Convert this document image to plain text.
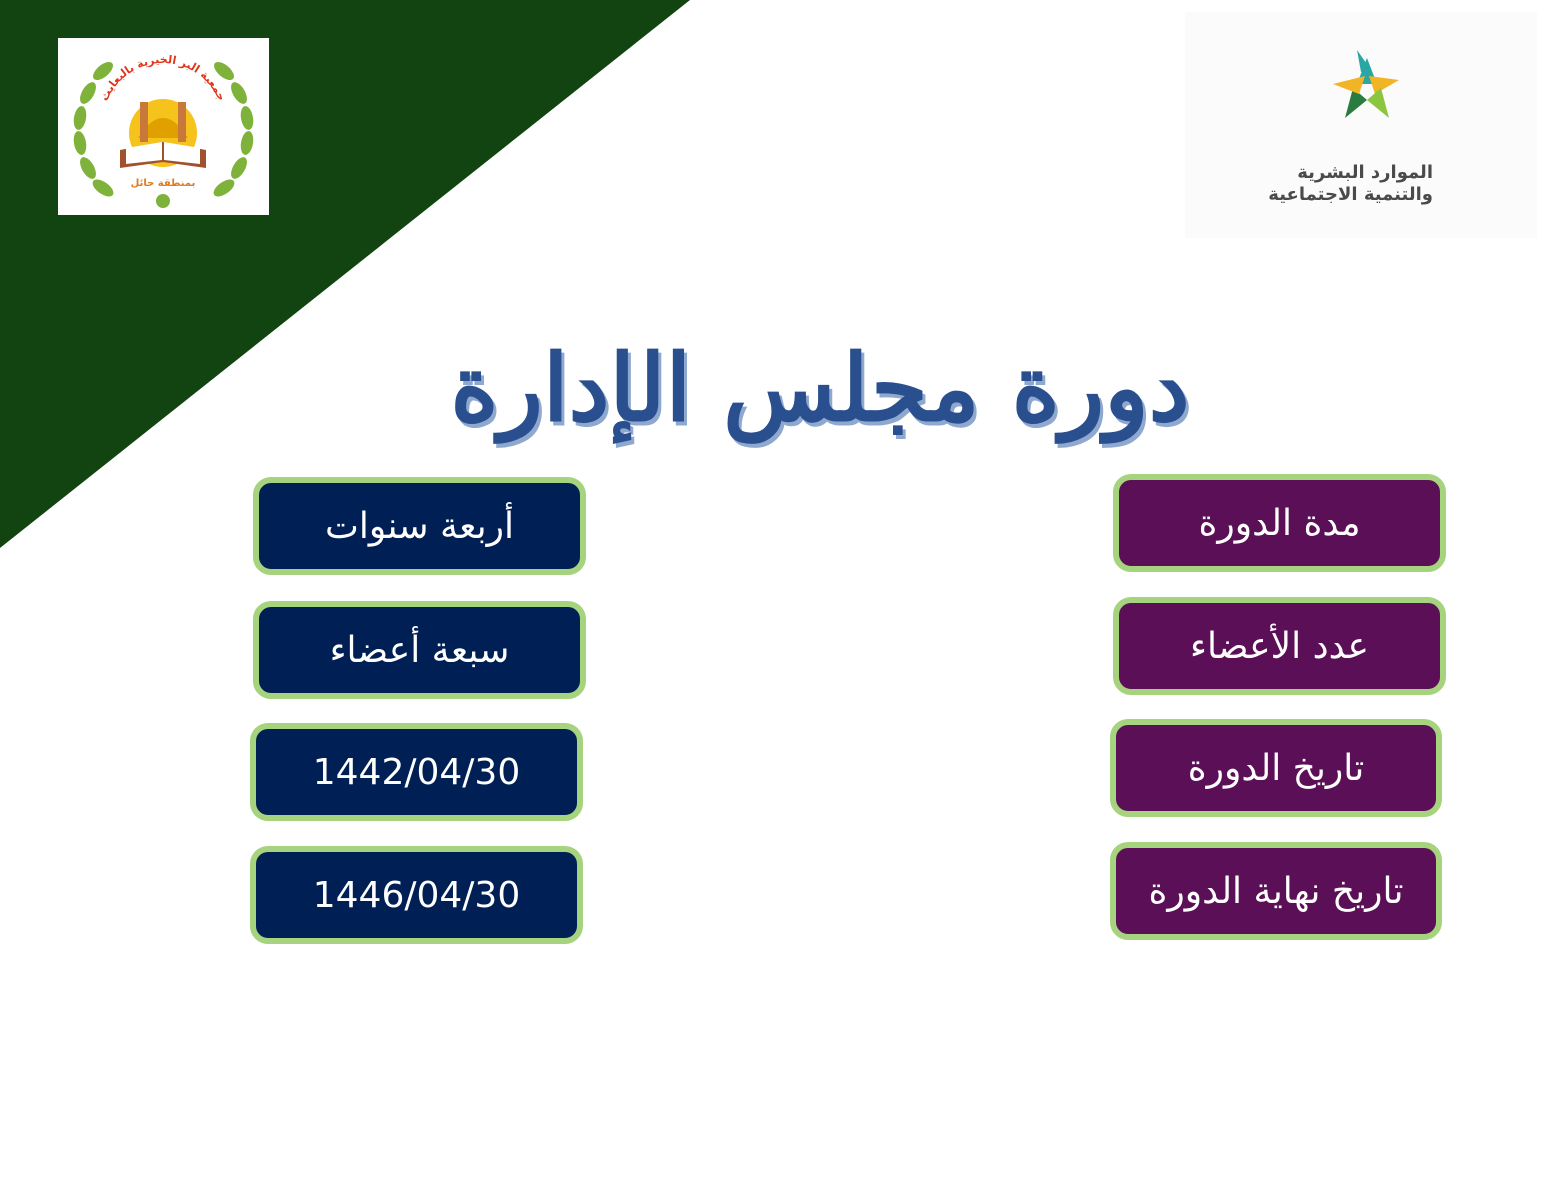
جمعية البر الخيرية بالبعايث
بمنطقة حائل
الموارد البشرية
والتنمية الاجتماعية
دورة مجلس الإدارة
مدة الدورة
عدد الأعضاء
تاريخ الدورة
تاريخ نهاية الدورة
أربعة سنوات
سبعة أعضاء
1442/04/30
1446/04/30
